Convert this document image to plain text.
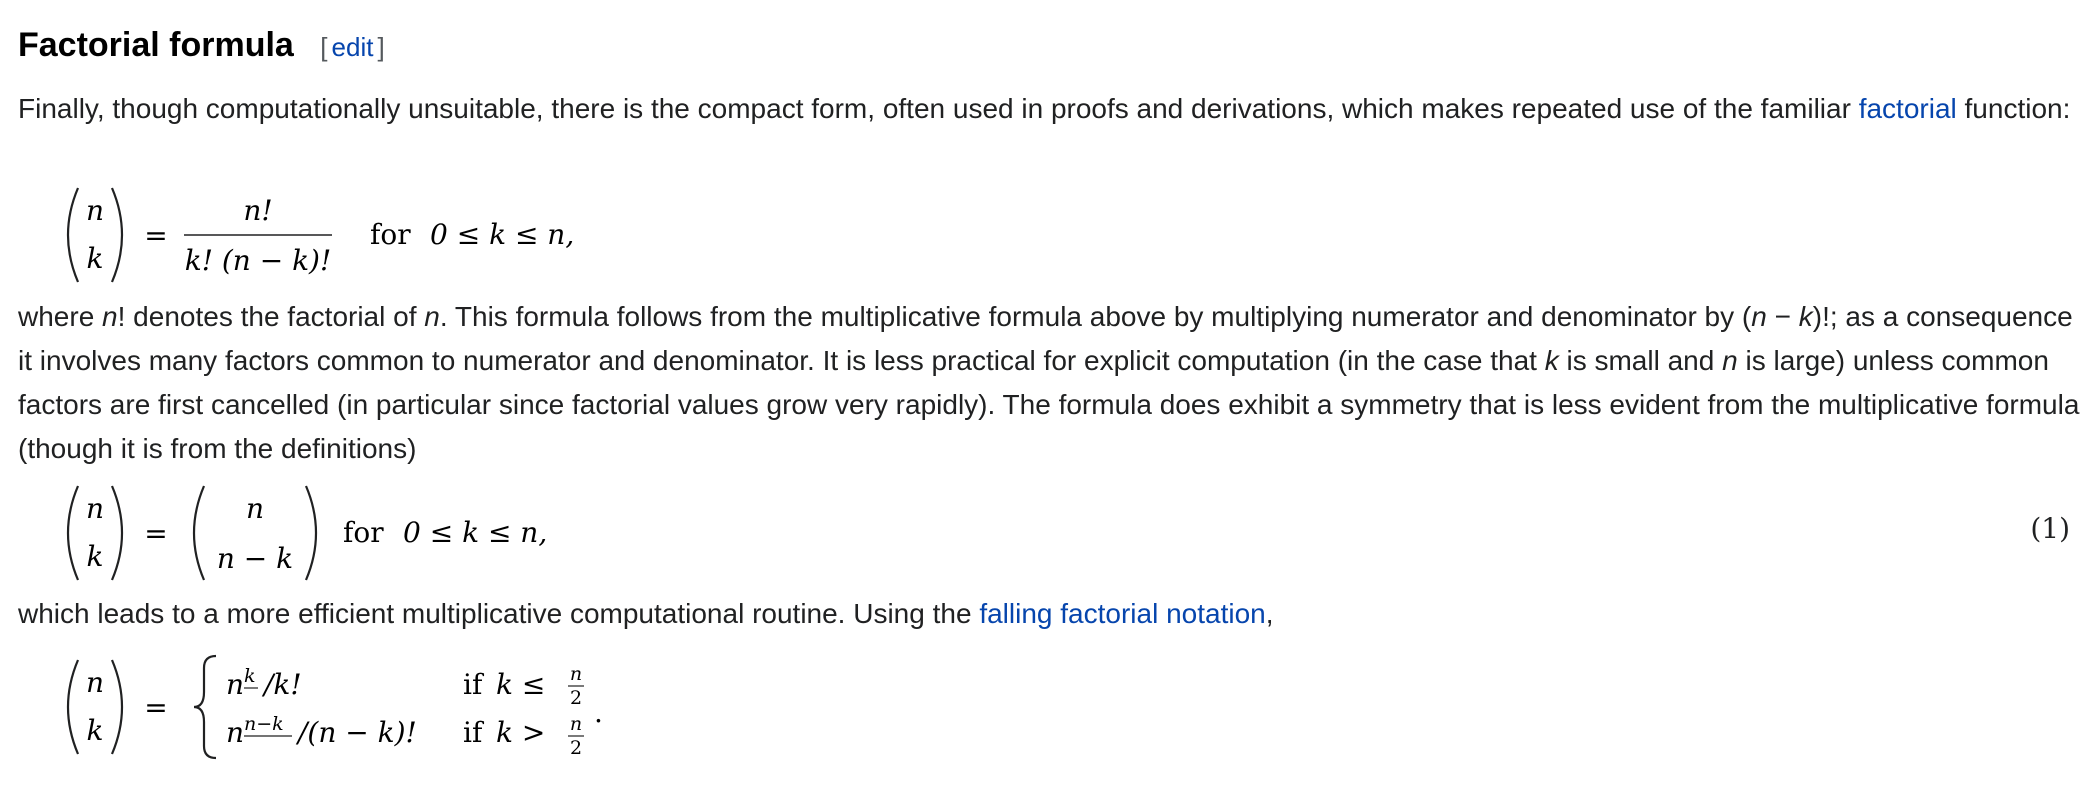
Factorial formula [ edit ]

Finally, though computationally unsuitable, there is the compact form, often used in proofs and derivations, which makes repeated use of the familiar factorial function:

n
k
=
n!
k! (n − k)!
for 0 ≤ k ≤ n,

where n! denotes the factorial of n. This formula follows from the multiplicative formula above by multiplying numerator and denominator by (n − k)!; as a consequence it involves many factors common to numerator and denominator. It is less practical for explicit computation (in the case that k is small and n is large) unless common factors are first cancelled (in particular since factorial values grow very rapidly). The formula does exhibit a symmetry that is less evident from the multiplicative formula (though it is from the definitions)

n
k
=
n
n − k
for 0 ≤ k ≤ n,	(1)

which leads to a more efficient multiplicative computational routine. Using the falling factorial notation,

n
k
=
n k /k!	if k ≤ n
2
n n−k /(n − k)! if k > n
2
.
